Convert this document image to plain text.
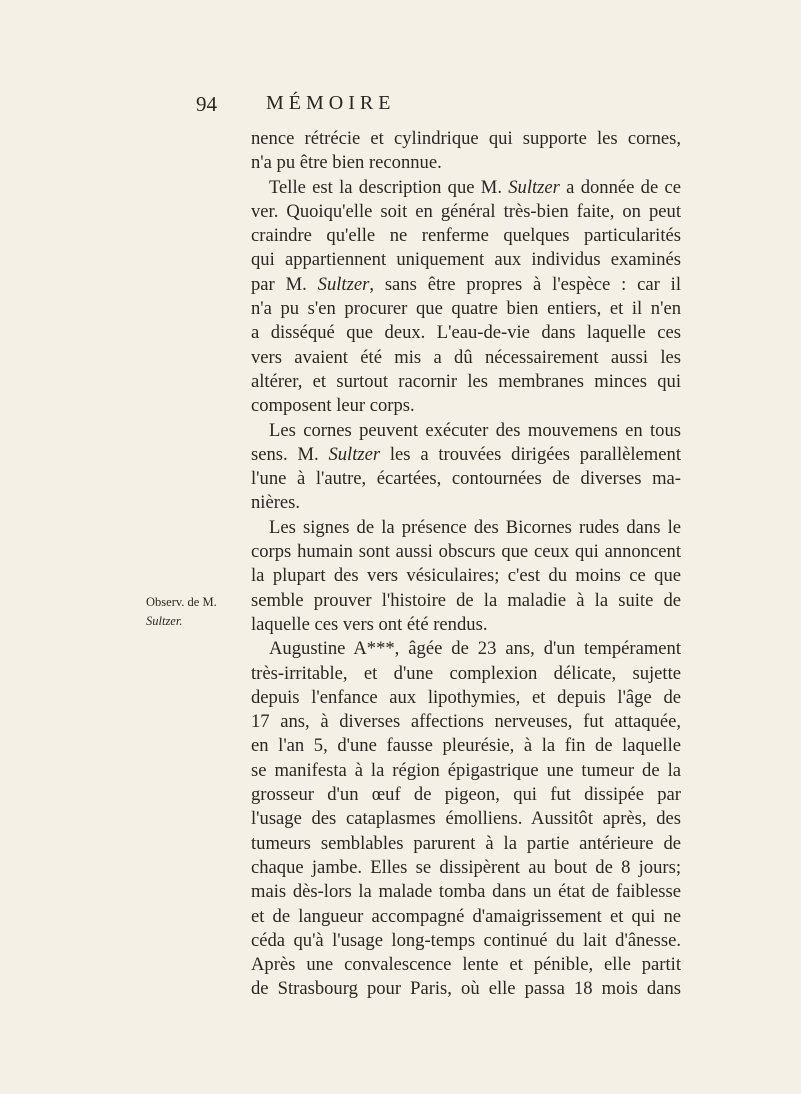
94 MÉMOIRE
Observ. de M.
Sultzer.
nence rétrécie et cylindrique qui supporte les cornes,
n'a pu être bien reconnue.
Telle est la description que M. Sultzer a donnée de ce
ver. Quoiqu'elle soit en général très-bien faite, on peut
craindre qu'elle ne renferme quelques particularités
qui appartiennent uniquement aux individus examinés
par M. Sultzer, sans être propres à l'espèce : car il
n'a pu s'en procurer que quatre bien entiers, et il n'en
a disséqué que deux. L'eau-de-vie dans laquelle ces
vers avaient été mis a dû nécessairement aussi les
altérer, et surtout racornir les membranes minces qui
composent leur corps.
Les cornes peuvent exécuter des mouvemens en tous
sens. M. Sultzer les a trouvées dirigées parallèlement
l'une à l'autre, écartées, contournées de diverses ma-
nières.
Les signes de la présence des Bicornes rudes dans le
corps humain sont aussi obscurs que ceux qui annoncent
la plupart des vers vésiculaires; c'est du moins ce que
semble prouver l'histoire de la maladie à la suite de
laquelle ces vers ont été rendus.
Augustine A***, âgée de 23 ans, d'un tempérament
très-irritable, et d'une complexion délicate, sujette
depuis l'enfance aux lipothymies, et depuis l'âge de
17 ans, à diverses affections nerveuses, fut attaquée,
en l'an 5, d'une fausse pleurésie, à la fin de laquelle
se manifesta à la région épigastrique une tumeur de la
grosseur d'un œuf de pigeon, qui fut dissipée par
l'usage des cataplasmes émolliens. Aussitôt après, des
tumeurs semblables parurent à la partie antérieure de
chaque jambe. Elles se dissipèrent au bout de 8 jours;
mais dès-lors la malade tomba dans un état de faiblesse
et de langueur accompagné d'amaigrissement et qui ne
céda qu'à l'usage long-temps continué du lait d'ânesse.
Après une convalescence lente et pénible, elle partit
de Strasbourg pour Paris, où elle passa 18 mois dans
